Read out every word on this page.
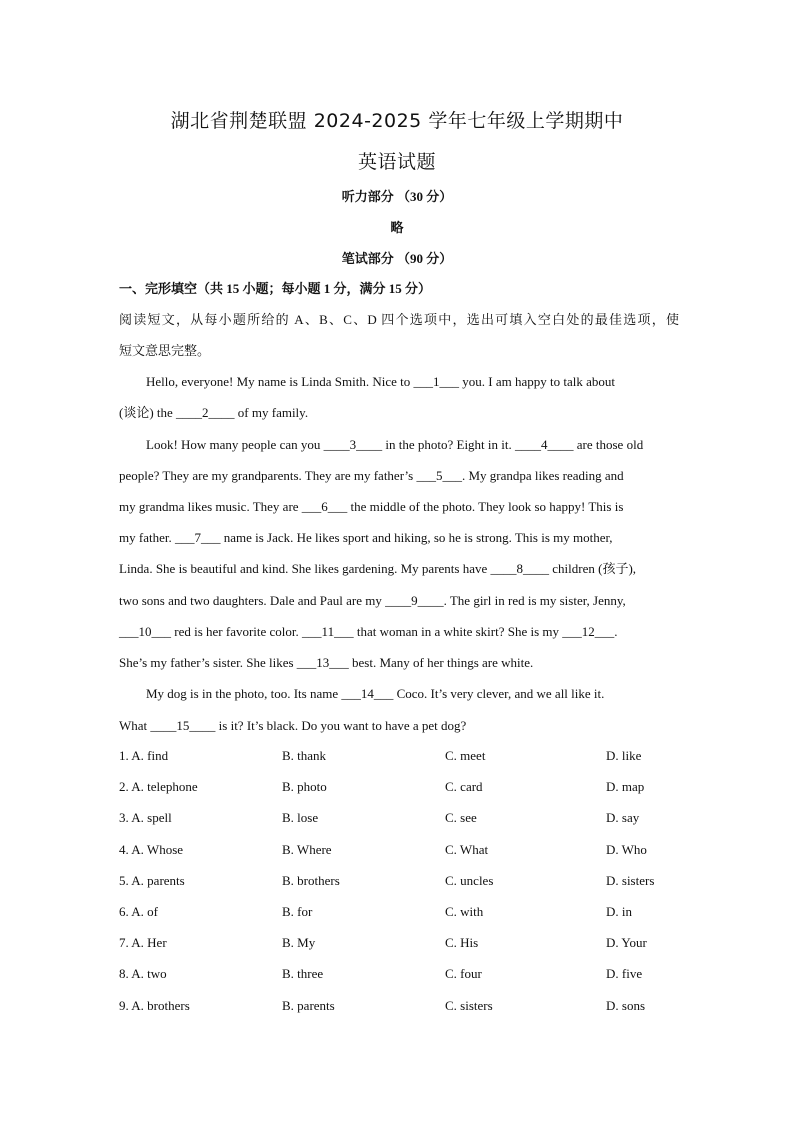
湖北省荆楚联盟 2024-2025 学年七年级上学期期中
英语试题
听力部分 （30 分）
略
笔试部分 （90 分）
一、完形填空（共 15 小题；每小题 1 分，满分 15 分）
阅读短文，从每小题所给的 A、B、C、D 四个选项中，选出可填入空白处的最佳选项，使
短文意思完整。
Hello, everyone! My name is Linda Smith. Nice to ___1___ you. I am happy to talk about
(谈论) the ____2____ of my family.
Look! How many people can you ____3____ in the photo? Eight in it. ____4____ are those old
people? They are my grandparents. They are my father’s ___5___. My grandpa likes reading and
my grandma likes music. They are ___6___ the middle of the photo. They look so happy! This is
my father. ___7___ name is Jack. He likes sport and hiking, so he is strong. This is my mother,
Linda. She is beautiful and kind. She likes gardening. My parents have ____8____ children (孩子),
two sons and two daughters. Dale and Paul are my ____9____. The girl in red is my sister, Jenny,
___10___ red is her favorite color. ___11___ that woman in a white skirt? She is my ___12___.
She’s my father’s sister. She likes ___13___ best. Many of her things are white.
My dog is in the photo, too. Its name ___14___ Coco. It’s very clever, and we all like it.
What ____15____ is it? It’s black. Do you want to have a pet dog?
1. A. find	B. thank	C. meet	D. like
2. A. telephone	B. photo	C. card	D. map
3. A. spell	B. lose	C. see	D. say
4. A. Whose	B. Where	C. What	D. Who
5. A. parents	B. brothers	C. uncles	D. sisters
6. A. of	B. for	C. with	D. in
7. A. Her	B. My	C. His	D. Your
8. A. two	B. three	C. four	D. five
9. A. brothers	B. parents	C. sisters	D. sons
